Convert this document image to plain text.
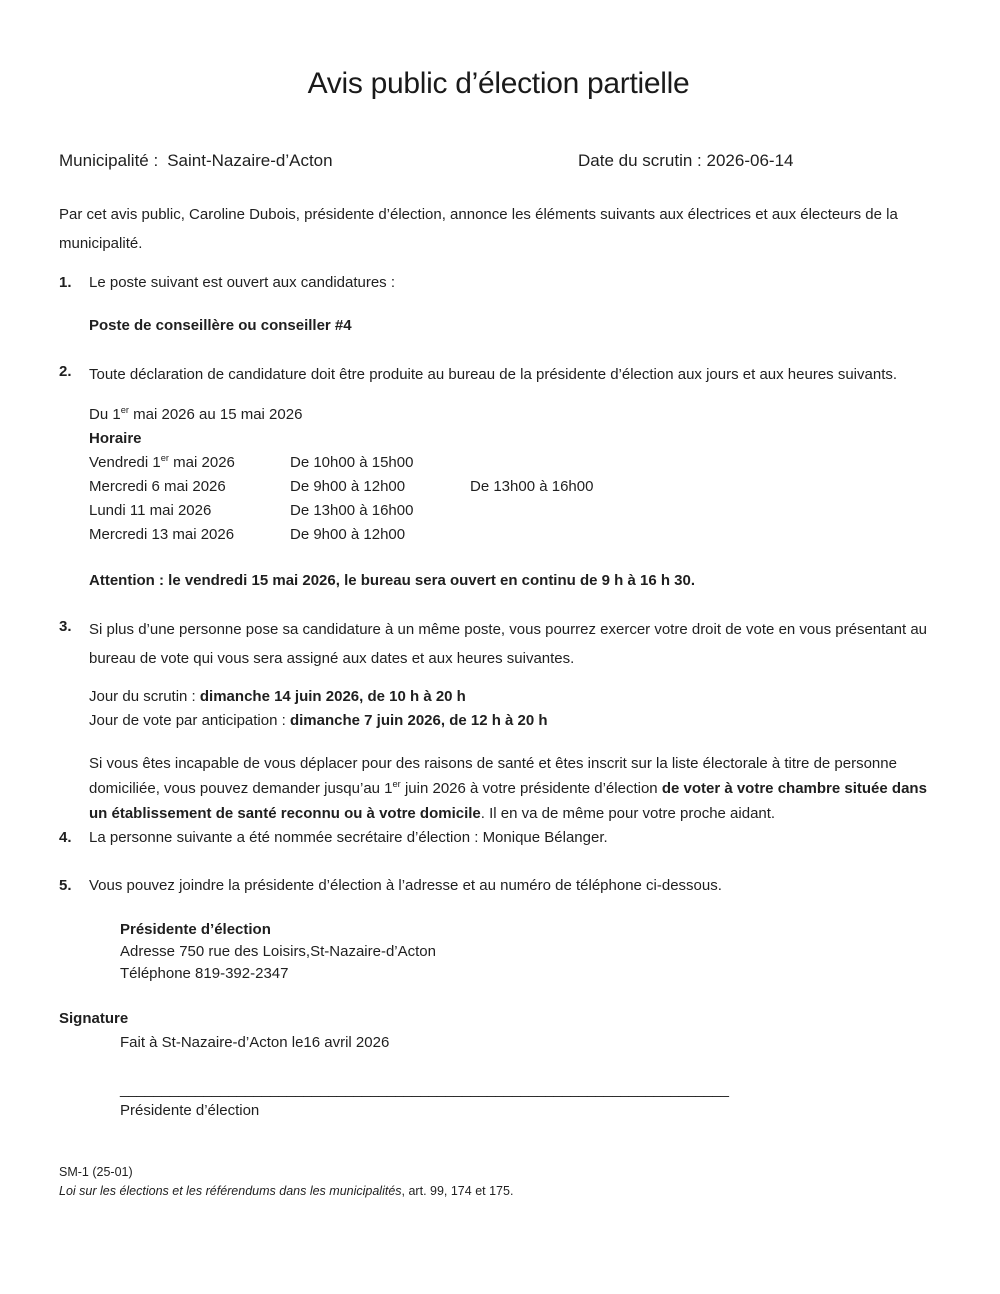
Avis public d’élection partielle
Municipalité : Saint-Nazaire-d’Acton	Date du scrutin : 2026-06-14
Par cet avis public, Caroline Dubois, présidente d’élection, annonce les éléments suivants aux électrices et aux électeurs de la municipalité.
1.	Le poste suivant est ouvert aux candidatures :
Poste de conseillère ou conseiller #4
2.	Toute déclaration de candidature doit être produite au bureau de la présidente d’élection aux jours et aux heures suivants.
Du 1er mai 2026 au 15 mai 2026
Horaire
Vendredi 1er mai 2026	De 10h00 à 15h00
Mercredi 6 mai 2026	De 9h00 à 12h00	De 13h00 à 16h00
Lundi 11 mai 2026	De 13h00 à 16h00
Mercredi 13 mai 2026	De 9h00 à 12h00
Attention : le vendredi 15 mai 2026, le bureau sera ouvert en continu de 9 h à 16 h 30.
3.	Si plus d’une personne pose sa candidature à un même poste, vous pourrez exercer votre droit de vote en vous présentant au bureau de vote qui vous sera assigné aux dates et aux heures suivantes.
Jour du scrutin : dimanche 14 juin 2026, de 10 h à 20 h
Jour de vote par anticipation : dimanche 7 juin 2026, de 12 h à 20 h
Si vous êtes incapable de vous déplacer pour des raisons de santé et êtes inscrit sur la liste électorale à titre de personne domiciliée, vous pouvez demander jusqu’au 1er juin 2026 à votre présidente d’élection de voter à votre chambre située dans un établissement de santé reconnu ou à votre domicile. Il en va de même pour votre proche aidant.
4.	La personne suivante a été nommée secrétaire d’élection : Monique Bélanger.
5.	Vous pouvez joindre la présidente d’élection à l’adresse et au numéro de téléphone ci-dessous.
Présidente d’élection
Adresse 750 rue des Loisirs,St-Nazaire-d’Acton
Téléphone 819-392-2347
Signature
Fait à St-Nazaire-d’Acton le16 avril 2026
_________________________________________________________________________
Présidente d’élection
SM-1 (25-01)
Loi sur les élections et les référendums dans les municipalités, art. 99, 174 et 175.
